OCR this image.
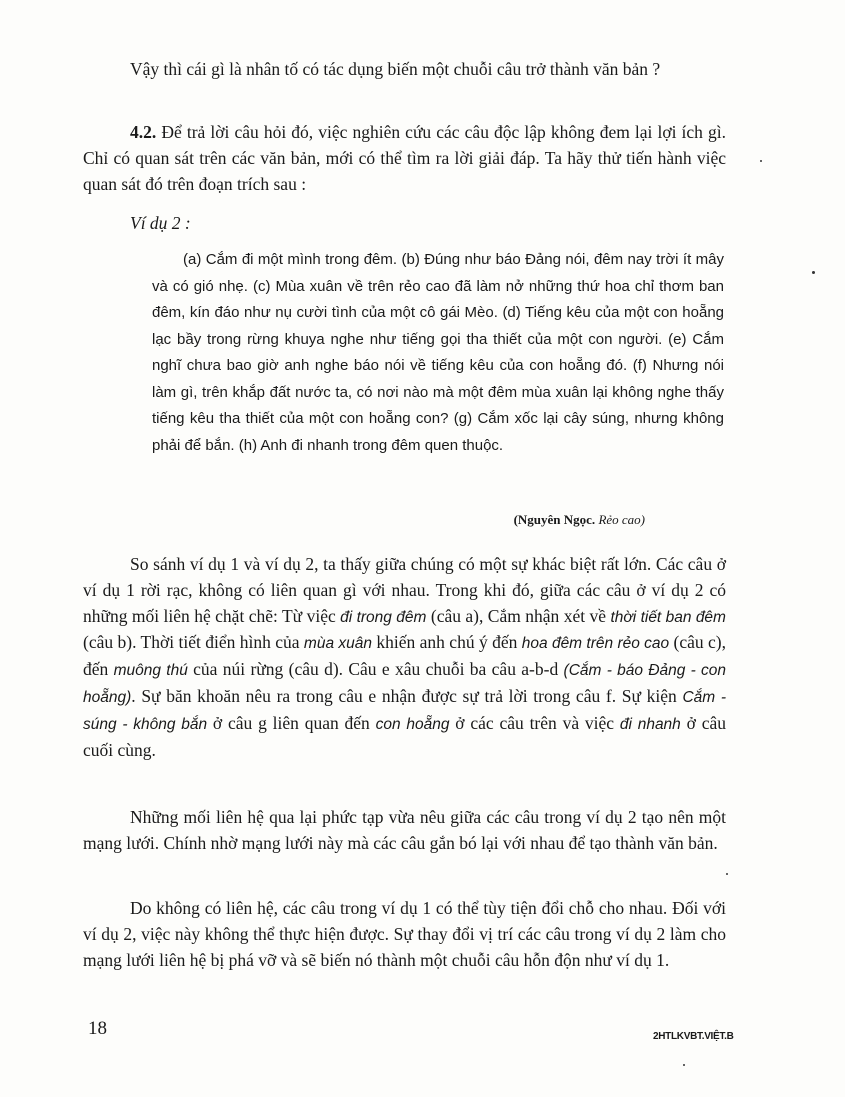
Vậy thì cái gì là nhân tố có tác dụng biến một chuỗi câu trở thành văn bản ?

4.2. Để trả lời câu hỏi đó, việc nghiên cứu các câu độc lập không đem lại lợi ích gì. Chỉ có quan sát trên các văn bản, mới có thể tìm ra lời giải đáp. Ta hãy thử tiến hành việc quan sát đó trên đoạn trích sau :

Ví dụ 2 :

(a) Cắm đi một mình trong đêm. (b) Đúng như báo Đảng nói, đêm nay trời ít mây và có gió nhẹ. (c) Mùa xuân về trên rẻo cao đã làm nở những thứ hoa chỉ thơm ban đêm, kín đáo như nụ cười tình của một cô gái Mèo. (d) Tiếng kêu của một con hoẵng lạc bầy trong rừng khuya nghe như tiếng gọi tha thiết của một con người. (e) Cắm nghĩ chưa bao giờ anh nghe báo nói về tiếng kêu của con hoẵng đó. (f) Nhưng nói làm gì, trên khắp đất nước ta, có nơi nào mà một đêm mùa xuân lại không nghe thấy tiếng kêu tha thiết của một con hoẵng con? (g) Cắm xốc lại cây súng, nhưng không phải để bắn. (h) Anh đi nhanh trong đêm quen thuộc.

(Nguyên Ngọc. Rẻo cao)

So sánh ví dụ 1 và ví dụ 2, ta thấy giữa chúng có một sự khác biệt rất lớn. Các câu ở ví dụ 1 rời rạc, không có liên quan gì với nhau. Trong khi đó, giữa các câu ở ví dụ 2 có những mối liên hệ chặt chẽ: Từ việc đi trong đêm (câu a), Cắm nhận xét về thời tiết ban đêm (câu b). Thời tiết điển hình của mùa xuân khiến anh chú ý đến hoa đêm trên rẻo cao (câu c), đến muông thú của núi rừng (câu d). Câu e xâu chuỗi ba câu a-b-d (Cắm - báo Đảng - con hoẵng). Sự băn khoăn nêu ra trong câu e nhận được sự trả lời trong câu f. Sự kiện Cắm - súng - không bắn ở câu g liên quan đến con hoẵng ở các câu trên và việc đi nhanh ở câu cuối cùng.

Những mối liên hệ qua lại phức tạp vừa nêu giữa các câu trong ví dụ 2 tạo nên một mạng lưới. Chính nhờ mạng lưới này mà các câu gắn bó lại với nhau để tạo thành văn bản.

Do không có liên hệ, các câu trong ví dụ 1 có thể tùy tiện đổi chỗ cho nhau. Đối với ví dụ 2, việc này không thể thực hiện được. Sự thay đổi vị trí các câu trong ví dụ 2 làm cho mạng lưới liên hệ bị phá vỡ và sẽ biến nó thành một chuỗi câu hỗn độn như ví dụ 1.

18	2HTLKVBT.VIỆT.B
